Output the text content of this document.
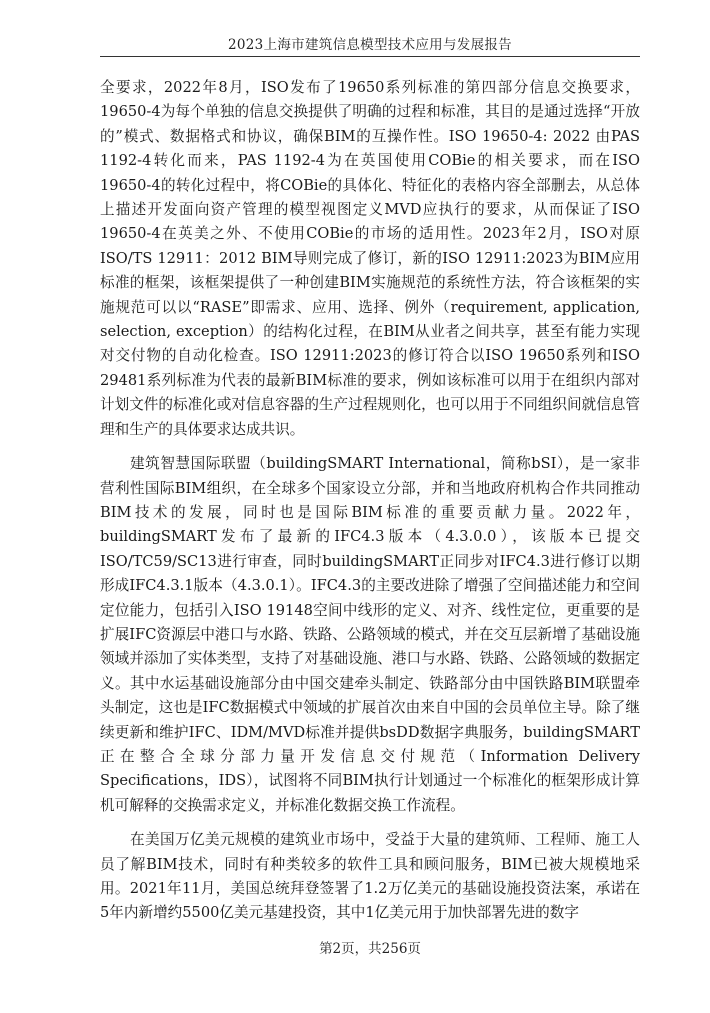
2023上海市建筑信息模型技术应用与发展报告

全要求，2022年8月，ISO发布了19650系列标准的第四部分信息交换要求，19650-4为每个单独的信息交换提供了明确的过程和标准，其目的是通过选择“开放的”模式、数据格式和协议，确保BIM的互操作性。ISO 19650-4: 2022 由PAS 1192-4转化而来，PAS 1192-4为在英国使用COBie的相关要求，而在ISO 19650-4的转化过程中，将COBie的具体化、特征化的表格内容全部删去，从总体上描述开发面向资产管理的模型视图定义MVD应执行的要求，从而保证了ISO 19650-4在英美之外、不使用COBie的市场的适用性。2023年2月，ISO对原ISO/TS 12911：2012 BIM导则完成了修订，新的ISO 12911:2023为BIM应用标准的框架，该框架提供了一种创建BIM实施规范的系统性方法，符合该框架的实施规范可以以“RASE”即需求、应用、选择、例外（requirement, application, selection, exception）的结构化过程，在BIM从业者之间共享，甚至有能力实现对交付物的自动化检查。ISO 12911:2023的修订符合以ISO 19650系列和ISO 29481系列标准为代表的最新BIM标准的要求，例如该标准可以用于在组织内部对计划文件的标准化或对信息容器的生产过程规则化，也可以用于不同组织间就信息管理和生产的具体要求达成共识。

建筑智慧国际联盟（buildingSMART International，简称bSI），是一家非营利性国际BIM组织，在全球多个国家设立分部，并和当地政府机构合作共同推动BIM技术的发展，同时也是国际BIM标准的重要贡献力量。2022年，buildingSMART发布了最新的IFC4.3版本（4.3.0.0），该版本已提交ISO/TC59/SC13进行审查，同时buildingSMART正同步对IFC4.3进行修订以期形成IFC4.3.1版本（4.3.0.1）。IFC4.3的主要改进除了增强了空间描述能力和空间定位能力，包括引入ISO 19148空间中线形的定义、对齐、线性定位，更重要的是扩展IFC资源层中港口与水路、铁路、公路领域的模式，并在交互层新增了基础设施领域并添加了实体类型，支持了对基础设施、港口与水路、铁路、公路领域的数据定义。其中水运基础设施部分由中国交建牵头制定、铁路部分由中国铁路BIM联盟牵头制定，这也是IFC数据模式中领域的扩展首次由来自中国的会员单位主导。除了继续更新和维护IFC、IDM/MVD标准并提供bsDD数据字典服务，buildingSMART正在整合全球分部力量开发信息交付规范（Information Delivery Specifications，IDS），试图将不同BIM执行计划通过一个标准化的框架形成计算机可解释的交换需求定义，并标准化数据交换工作流程。

在美国万亿美元规模的建筑业市场中，受益于大量的建筑师、工程师、施工人员了解BIM技术，同时有种类较多的软件工具和顾问服务，BIM已被大规模地采用。2021年11月，美国总统拜登签署了1.2万亿美元的基础设施投资法案，承诺在5年内新增约5500亿美元基建投资，其中1亿美元用于加快部署先进的数字

第2页，共256页
